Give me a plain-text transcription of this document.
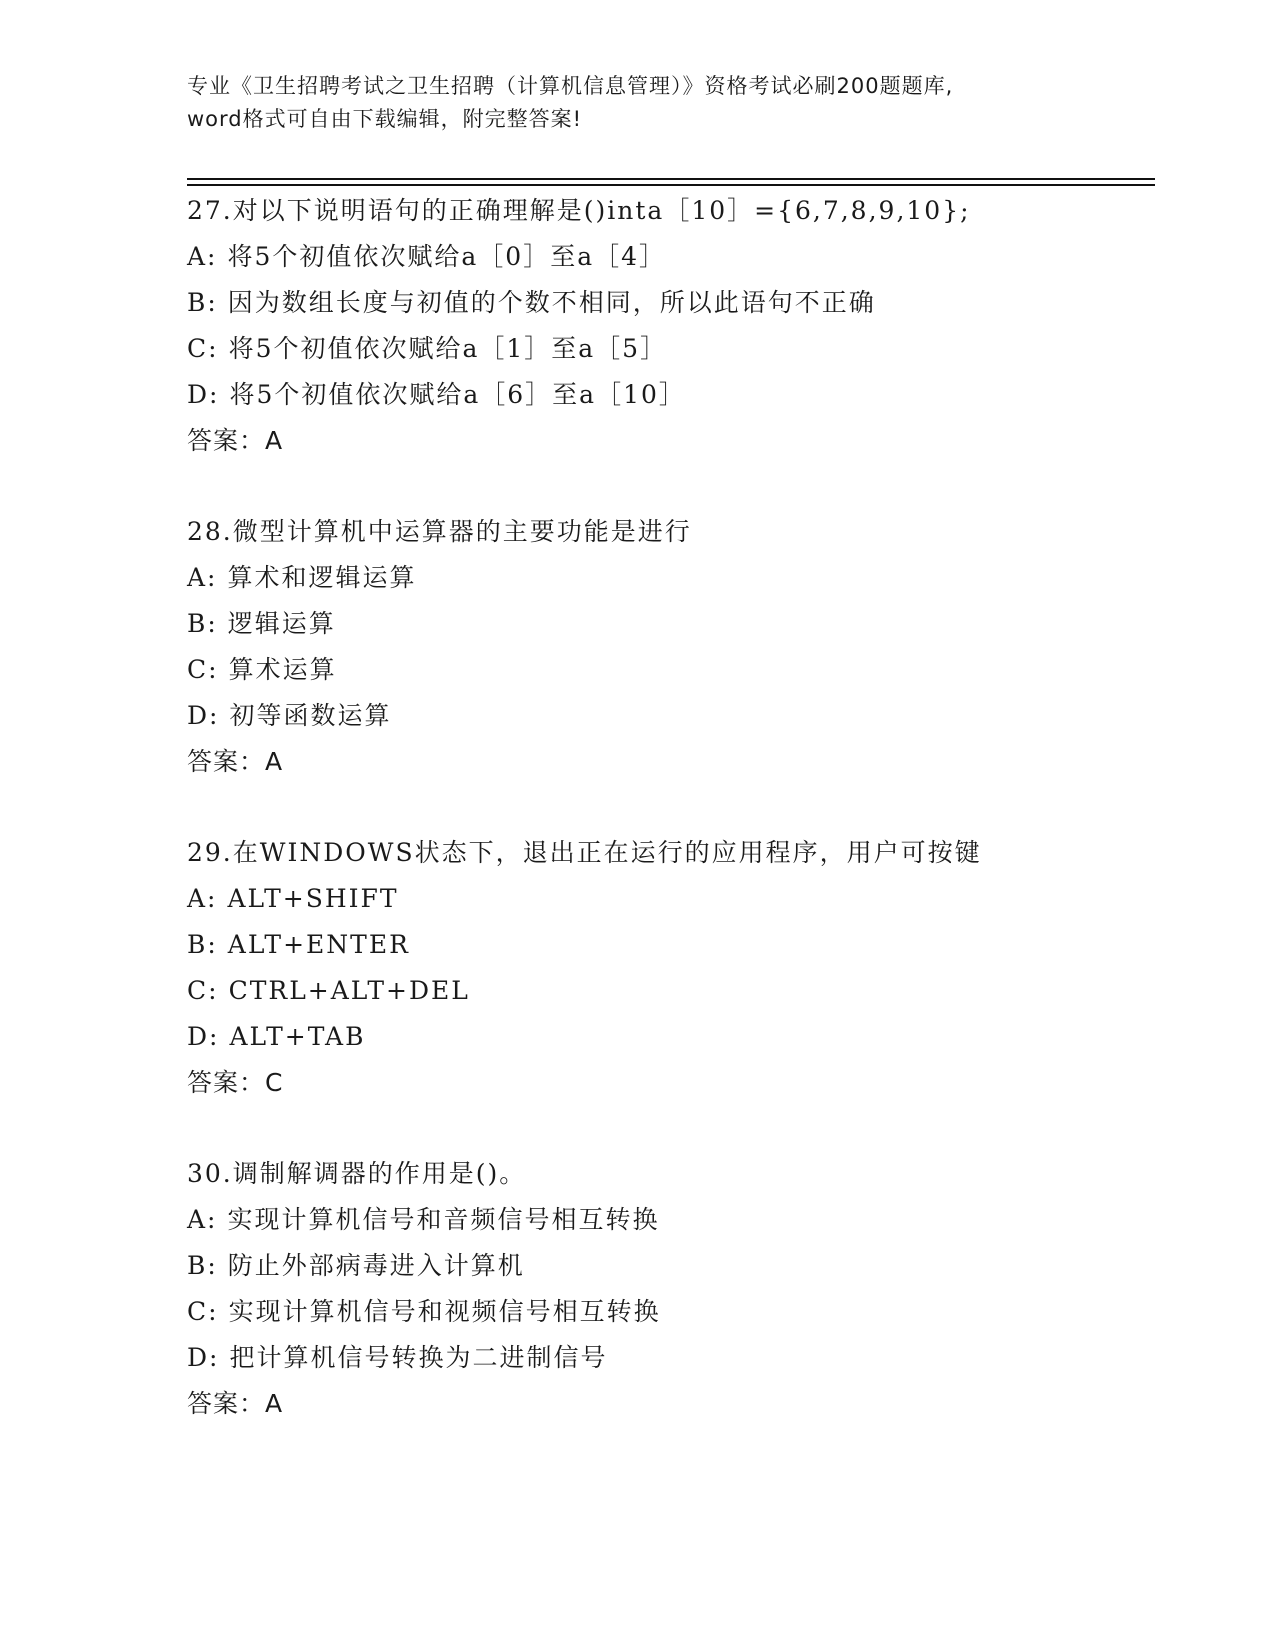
专业《卫生招聘考试之卫生招聘（计算机信息管理）》资格考试必刷200题题库,
word格式可自由下载编辑，附完整答案!
27.对以下说明语句的正确理解是()inta［10］={6,7,8,9,10};
A: 将5个初值依次赋给a［0］至a［4］
B: 因为数组长度与初值的个数不相同，所以此语句不正确
C: 将5个初值依次赋给a［1］至a［5］
D: 将5个初值依次赋给a［6］至a［10］
答案：A
28.微型计算机中运算器的主要功能是进行
A: 算术和逻辑运算
B: 逻辑运算
C: 算术运算
D: 初等函数运算
答案：A
29.在WINDOWS状态下，退出正在运行的应用程序，用户可按键
A: ALT+SHIFT
B: ALT+ENTER
C: CTRL+ALT+DEL
D: ALT+TAB
答案：C
30.调制解调器的作用是()。
A: 实现计算机信号和音频信号相互转换
B: 防止外部病毒进入计算机
C: 实现计算机信号和视频信号相互转换
D: 把计算机信号转换为二进制信号
答案：A
